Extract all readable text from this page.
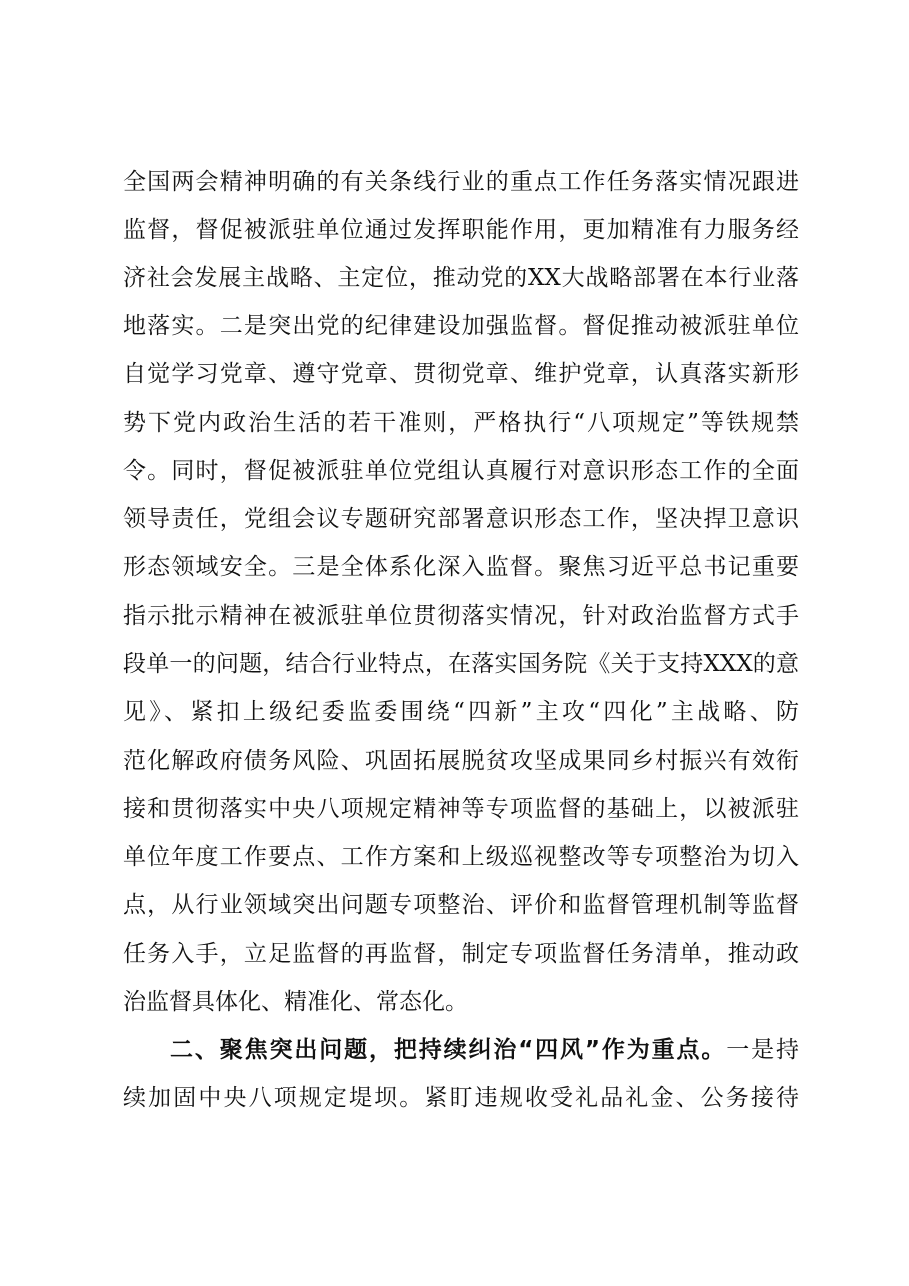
全国两会精神明确的有关条线行业的重点工作任务落实情况跟进
监督，督促被派驻单位通过发挥职能作用，更加精准有力服务经
济社会发展主战略、主定位，推动党的XX大战略部署在本行业落
地落实。二是突出党的纪律建设加强监督。督促推动被派驻单位
自觉学习党章、遵守党章、贯彻党章、维护党章，认真落实新形
势下党内政治生活的若干准则，严格执行“八项规定”等铁规禁
令。同时，督促被派驻单位党组认真履行对意识形态工作的全面
领导责任，党组会议专题研究部署意识形态工作，坚决捍卫意识
形态领域安全。三是全体系化深入监督。聚焦习近平总书记重要
指示批示精神在被派驻单位贯彻落实情况，针对政治监督方式手
段单一的问题，结合行业特点，在落实国务院《关于支持XXX的意
见》、紧扣上级纪委监委围绕“四新”主攻“四化”主战略、防
范化解政府债务风险、巩固拓展脱贫攻坚成果同乡村振兴有效衔
接和贯彻落实中央八项规定精神等专项监督的基础上，以被派驻
单位年度工作要点、工作方案和上级巡视整改等专项整治为切入
点，从行业领域突出问题专项整治、评价和监督管理机制等监督
任务入手，立足监督的再监督，制定专项监督任务清单，推动政
治监督具体化、精准化、常态化。
二、聚焦突出问题，把持续纠治“四风”作为重点。一是持
续加固中央八项规定堤坝。紧盯违规收受礼品礼金、公务接待
